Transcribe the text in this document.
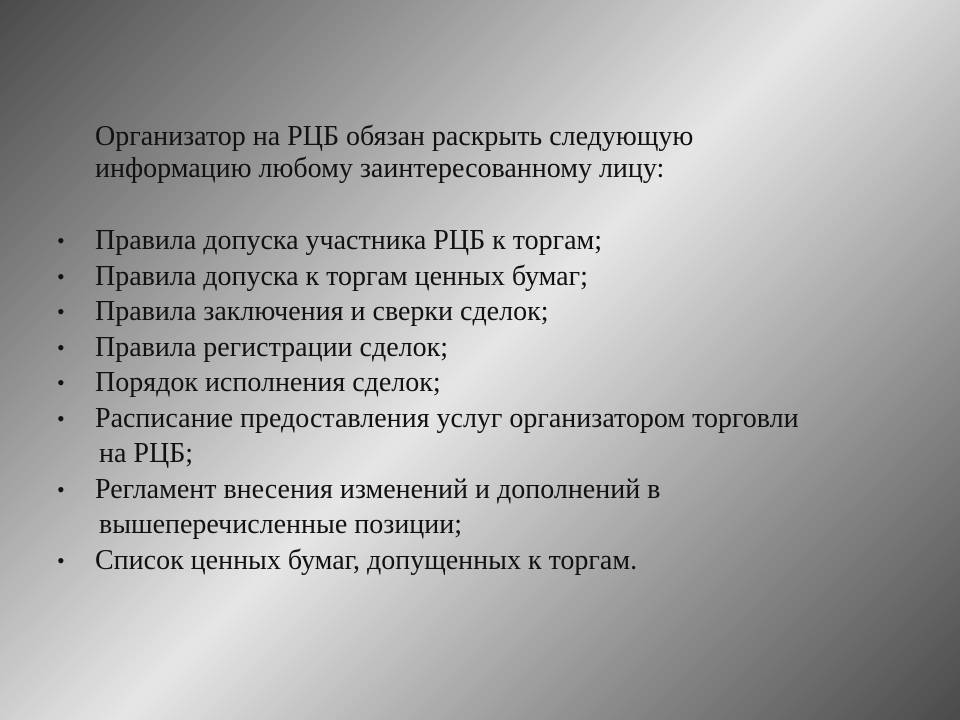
Организатор на РЦБ обязан раскрыть следующую
информацию любому заинтересованному лицу:
• Правила допуска участника РЦБ к торгам;
• Правила допуска к торгам ценных бумаг;
• Правила заключения и сверки сделок;
• Правила регистрации сделок;
• Порядок исполнения сделок;
• Расписание предоставления услуг организатором торговли
на РЦБ;
• Регламент внесения изменений и дополнений в
вышеперечисленные позиции;
• Список ценных бумаг, допущенных к торгам.
